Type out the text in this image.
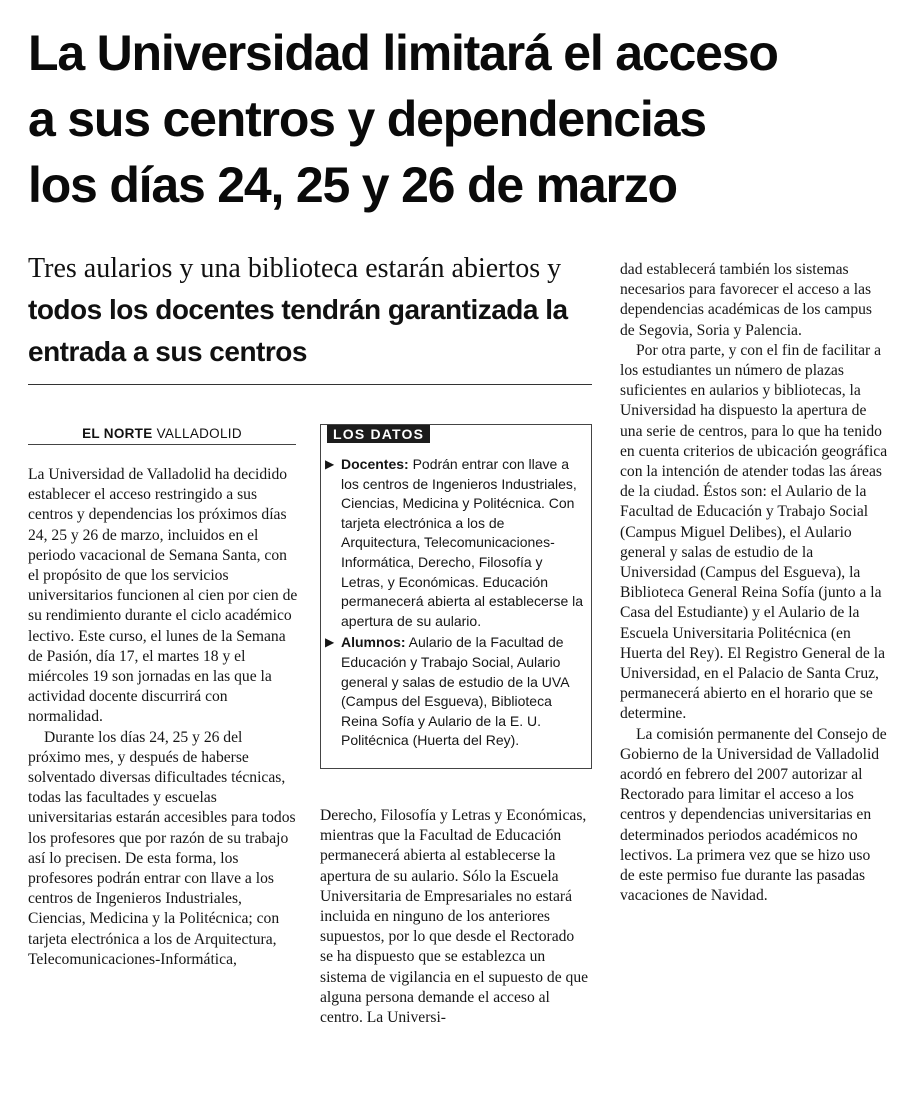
La Universidad limitará el acceso
a sus centros y dependencias
los días 24, 25 y 26 de marzo
Tres aularios y una biblioteca estarán abiertos y todos los docentes tendrán garantizada la entrada a sus centros
EL NORTE VALLADOLID

La Universidad de Valladolid ha decidido establecer el acceso restringido a sus centros y dependencias los próximos días 24, 25 y 26 de marzo, incluidos en el periodo vacacional de Semana Santa, con el propósito de que los servicios universitarios funcionen al cien por cien de su rendimiento durante el ciclo académico lectivo. Este curso, el lunes de la Semana de Pasión, día 17, el martes 18 y el miércoles 19 son jornadas en las que la actividad docente discurrirá con normalidad.

Durante los días 24, 25 y 26 del próximo mes, y después de haberse solventado diversas dificultades técnicas, todas las facultades y escuelas universitarias estarán accesibles para todos los profesores que por razón de su trabajo así lo precisen. De esta forma, los profesores podrán entrar con llave a los centros de Ingenieros Industriales, Ciencias, Medicina y la Politécnica; con tarjeta electrónica a los de Arquitectura, Telecomunicaciones-Informática,

LOS DATOS

▶ Docentes: Podrán entrar con llave a los centros de Ingenieros Industriales, Ciencias, Medicina y Politécnica. Con tarjeta electrónica a los de Arquitectura, Telecomunicaciones-Informática, Derecho, Filosofía y Letras, y Económicas. Educación permanecerá abierta al establecerse la apertura de su aulario.

▶ Alumnos: Aulario de la Facultad de Educación y Trabajo Social, Aulario general y salas de estudio de la UVA (Campus del Esgueva), Biblioteca Reina Sofía y Aulario de la E. U. Politécnica (Huerta del Rey).

Derecho, Filosofía y Letras y Económicas, mientras que la Facultad de Educación permanecerá abierta al establecerse la apertura de su aulario. Sólo la Escuela Universitaria de Empresariales no estará incluida en ninguno de los anteriores supuestos, por lo que desde el Rectorado se ha dispuesto que se establezca un sistema de vigilancia en el supuesto de que alguna persona demande el acceso al centro. La Universi-

dad establecerá también los sistemas necesarios para favorecer el acceso a las dependencias académicas de los campus de Segovia, Soria y Palencia.

Por otra parte, y con el fin de facilitar a los estudiantes un número de plazas suficientes en aularios y bibliotecas, la Universidad ha dispuesto la apertura de una serie de centros, para lo que ha tenido en cuenta criterios de ubicación geográfica con la intención de atender todas las áreas de la ciudad. Éstos son: el Aulario de la Facultad de Educación y Trabajo Social (Campus Miguel Delibes), el Aulario general y salas de estudio de la Universidad (Campus del Esgueva), la Biblioteca General Reina Sofía (junto a la Casa del Estudiante) y el Aulario de la Escuela Universitaria Politécnica (en Huerta del Rey). El Registro General de la Universidad, en el Palacio de Santa Cruz, permanecerá abierto en el horario que se determine.

La comisión permanente del Consejo de Gobierno de la Universidad de Valladolid acordó en febrero del 2007 autorizar al Rectorado para limitar el acceso a los centros y dependencias universitarias en determinados periodos académicos no lectivos. La primera vez que se hizo uso de este permiso fue durante las pasadas vacaciones de Navidad.
